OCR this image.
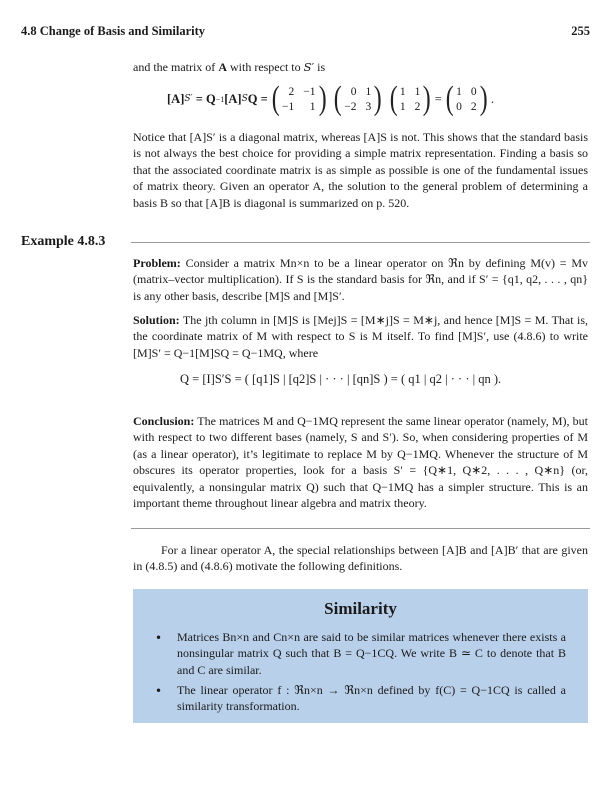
4.8 Change of Basis and Similarity	255
and the matrix of A with respect to S′ is
[A] S′
= Q −1 [A] S Q = ( 2 −1
−1	1 ) ( 0 1
−2 3 ) ( 1 1
1 2 ) = ( 1 0
0 2 ) .
Notice that [A]S′ is a diagonal matrix, whereas [A]S is not. This shows that the standard basis is not always the best choice for providing a simple matrix representation. Finding a basis so that the associated coordinate matrix is as simple as possible is one of the fundamental issues of matrix theory. Given an operator A, the solution to the general problem of determining a basis B so that [A]B is diagonal is summarized on p. 520.
Example 4.8.3
Problem: Consider a matrix Mn×n to be a linear operator on ℜn by defining M(v) = Mv (matrix–vector multiplication). If S is the standard basis for ℜn, and if S′ = {q1, q2, . . . , qn} is any other basis, describe [M]S and [M]S′.
Solution: The jth column in [M]S is [Mej]S = [M∗j]S = M∗j, and hence [M]S = M. That is, the coordinate matrix of M with respect to S is M itself. To find [M]S′, use (4.8.6) to write [M]S′ = Q−1[M]SQ = Q−1MQ, where
Q = [I]S′S = ( [q1]S | [q2]S | · · · | [qn]S ) = ( q1 | q2 | · · · | qn ).
Conclusion: The matrices M and Q−1MQ represent the same linear operator (namely, M), but with respect to two different bases (namely, S and S′). So, when considering properties of M (as a linear operator), it’s legitimate to replace M by Q−1MQ. Whenever the structure of M obscures its operator properties, look for a basis S′ = {Q∗1, Q∗2, . . . , Q∗n} (or, equivalently, a nonsingular matrix Q) such that Q−1MQ has a simpler structure. This is an important theme throughout linear algebra and matrix theory.
For a linear operator A, the special relationships between [A]B and [A]B′ that are given in (4.8.5) and (4.8.6) motivate the following definitions.
Similarity
• Matrices Bn×n and Cn×n are said to be similar matrices whenever there exists a nonsingular matrix Q such that B = Q−1CQ. We write B ≃ C to denote that B and C are similar.
• The linear operator f : ℜn×n → ℜn×n defined by f(C) = Q−1CQ is called a similarity transformation.
